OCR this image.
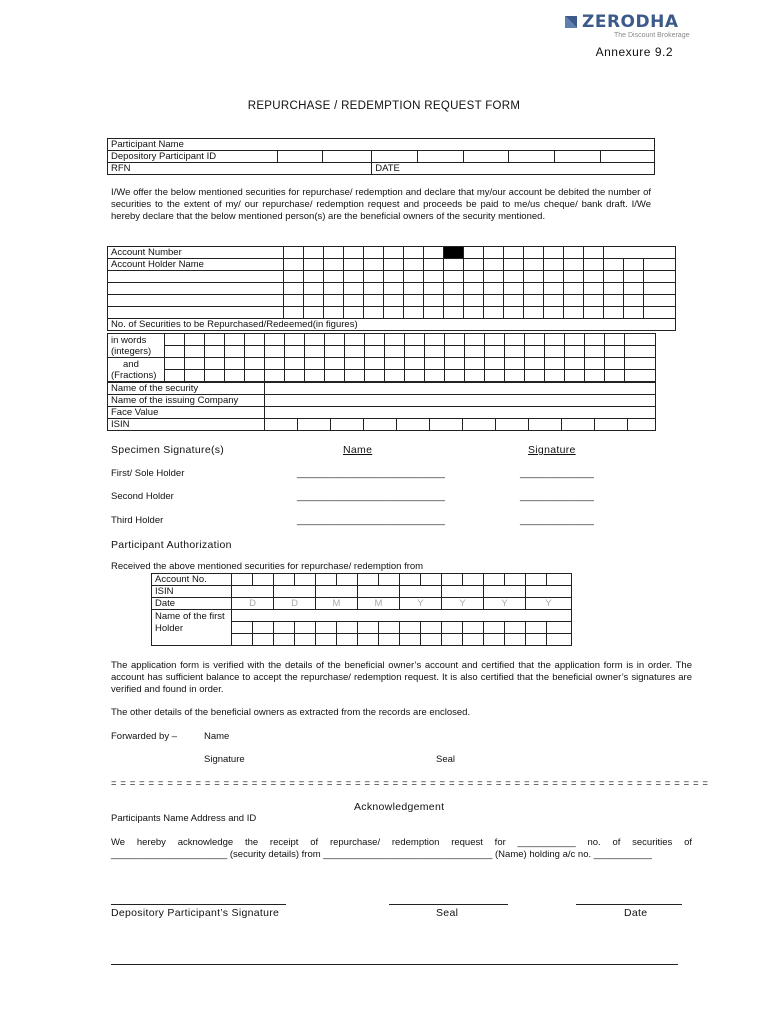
ZERODHA
The Discount Brokerage
Annexure 9.2
REPURCHASE / REDEMPTION REQUEST FORM
Participant Name								
Depository Participant ID								
RFN			DATE					
I/We offer the below mentioned securities for repurchase/ redemption and declare that my/our account be debited the number of securities to the extent of my/ our repurchase/ redemption request and proceeds be paid to me/us cheque/ bank draft. I/We hereby declare that the below mentioned person(s) are the beneficial owners of the security mentioned.
Account Number																			
Account Holder Name																			

No. of Securities to be Repurchased/Redeemed(in figures)																			
in words
(integers)																								

and
(Fractions)																								

Name of the security												
Name of the issuing Company												
Face Value												
ISIN												
Specimen Signature(s)	Name	Signature
First/ Sole Holder	____________________________	______________
Second Holder	____________________________	______________
Third Holder	____________________________	______________
Participant Authorization
Received the above mentioned securities for repurchase/ redemption from
Account No.																
ISIN																
Date	D		D		M		M		Y		Y		Y		Y	
Name of the first
Holder																

The application form is verified with the details of the beneficial owner’s account and certified that the application form is in order. The account has sufficient balance to accept the repurchase/ redemption request. It is also certified that the beneficial owner’s signatures are verified and found in order.
The other details of the beneficial owners as extracted from the records are enclosed.
Forwarded by –	Name
Signature	Seal
= = = = = = = = = = = = = = = = = = = = = = = = = = = = = = = = = = = = = = = = = = = = = = = = = = = = = = = = = = = = = = = =
Acknowledgement
Participants Name Address and ID
We hereby acknowledge the receipt of repurchase/ redemption request for ___________ no. of securities of
______________________ (security details) from ________________________________ (Name) holding a/c no. ___________
Depository Participant’s Signature	Seal	Date
